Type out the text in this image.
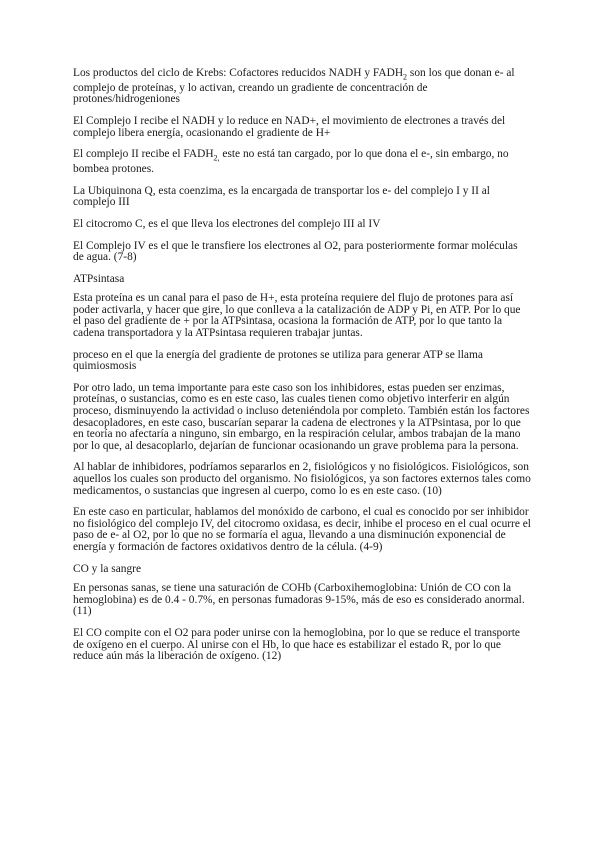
Los productos del ciclo de Krebs: Cofactores reducidos NADH y $FADH_2$ son los que donan e- al complejo de proteínas, y lo activan, creando un gradiente de concentración de protones/hidrogeniones

El Complejo I recibe el NADH y lo reduce en NAD+, el movimiento de electrones a través del complejo libera energía, ocasionando el gradiente de H+

El complejo II recibe el $FADH_{2,}$ este no está tan cargado, por lo que dona el e-, sin embargo, no bombea protones.

La Ubiquinona Q, esta coenzima, es la encargada de transportar los e- del complejo I y II al complejo III

El citocromo C, es el que lleva los electrones del complejo III al IV

El Complejo IV es el que le transfiere los electrones al O2, para posteriormente formar moléculas de agua. (7-8)

ATPsintasa

Esta proteína es un canal para el paso de H+, esta proteína requiere del flujo de protones para así poder activarla, y hacer que gire, lo que conlleva a la catalización de ADP y Pi, en ATP. Por lo que el paso del gradiente de + por la ATPsintasa, ocasiona la formación de ATP, por lo que tanto la cadena transportadora y la ATPsintasa requieren trabajar juntas.

proceso en el que la energía del gradiente de protones se utiliza para generar ATP se llama quimiosmosis

Por otro lado, un tema importante para este caso son los inhibidores, estas pueden ser enzimas, proteínas, o sustancias, como es en este caso, las cuales tienen como objetivo interferir en algún proceso, disminuyendo la actividad o incluso deteniéndola por completo. También están los factores desacopladores, en este caso, buscarían separar la cadena de electrones y la ATPsintasa, por lo que en teoría no afectaría a ninguno, sin embargo, en la respiración celular, ambos trabajan de la mano por lo que, al desacoplarlo, dejarían de funcionar ocasionando un grave problema para la persona.

Al hablar de inhibidores, podríamos separarlos en 2, fisiológicos y no fisiológicos. Fisiológicos, son aquellos los cuales son producto del organismo. No fisiológicos, ya son factores externos tales como medicamentos, o sustancias que ingresen al cuerpo, como lo es en este caso. (10)

En este caso en particular, hablamos del monóxido de carbono, el cual es conocido por ser inhibidor no fisiológico del complejo IV, del citocromo oxidasa, es decir, inhibe el proceso en el cual ocurre el paso de e- al O2, por lo que no se formaría el agua, llevando a una disminución exponencial de energía y formación de factores oxidativos dentro de la célula. (4-9)

CO y la sangre

En personas sanas, se tiene una saturación de COHb (Carboxihemoglobina: Unión de CO con la hemoglobina) es de 0.4 - 0.7%, en personas fumadoras 9-15%, más de eso es considerado anormal. (11)

El CO compite con el O2 para poder unirse con la hemoglobina, por lo que se reduce el transporte de oxígeno en el cuerpo. Al unirse con el Hb, lo que hace es estabilizar el estado R, por lo que reduce aún más la liberación de oxígeno. (12)
